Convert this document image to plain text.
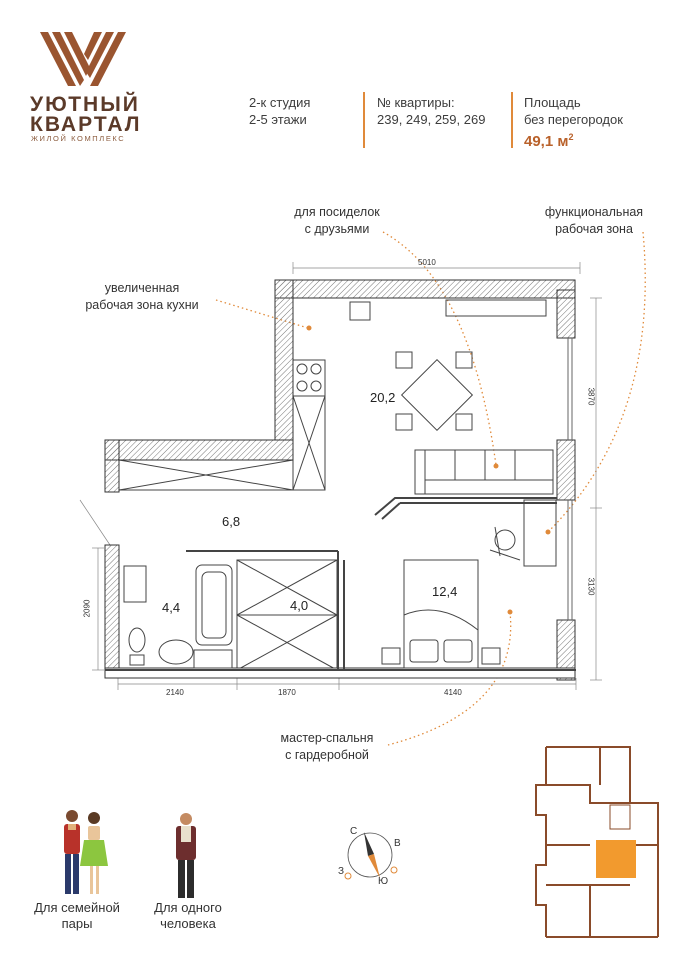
УЮТНЫЙ
КВАРТАЛ
ЖИЛОЙ КОМПЛЕКС
2-к студия
2-5 этажи
№ квартиры:
239, 249, 259, 269
Площадь
без перегородок
49,1 $м^2$
для посиделок
с друзьями
функциональная
рабочая зона
увеличенная
рабочая зона кухни
мастер-спальня
с гардеробной
20,2
6,8
4,4	4,0
12,4
5010
3870
3130
2090
2140	1870	4140
Для семейной
пары
Для одного
человека
С
В
Ю
З
